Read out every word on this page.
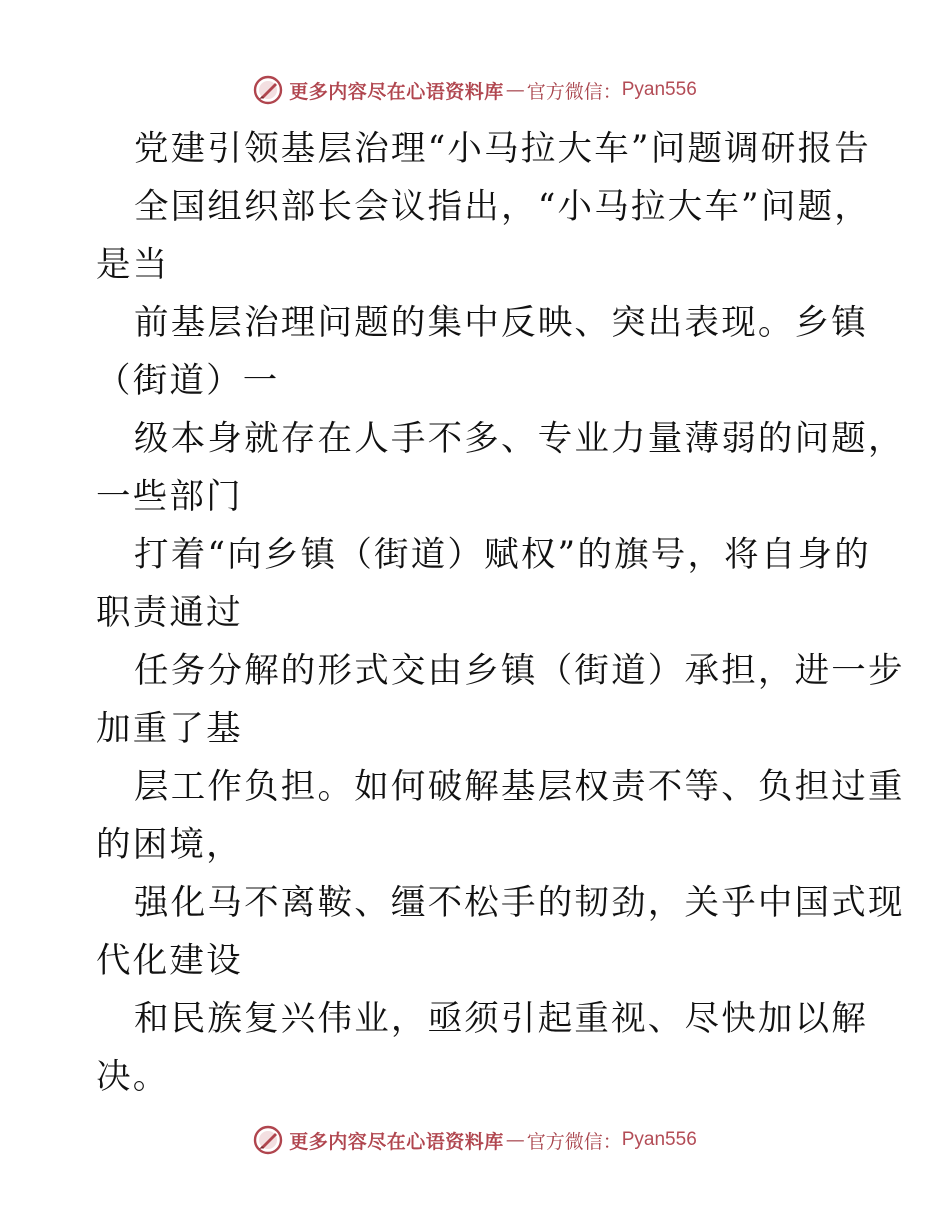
更多内容尽在心语资料库 — 官方微信： Pyan556
党建引领基层治理“小马拉大车”问题调研报告
全国组织部长会议指出，“小马拉大车”问题，
是当
前基层治理问题的集中反映、突出表现。乡镇
（街道）一
级本身就存在人手不多、专业力量薄弱的问题，
一些部门
打着“向乡镇（街道）赋权”的旗号，将自身的
职责通过
任务分解的形式交由乡镇（街道）承担，进一步
加重了基
层工作负担。如何破解基层权责不等、负担过重
的困境，
强化马不离鞍、缰不松手的韧劲，关乎中国式现
代化建设
和民族复兴伟业，亟须引起重视、尽快加以解
决。
更多内容尽在心语资料库 — 官方微信： Pyan556
